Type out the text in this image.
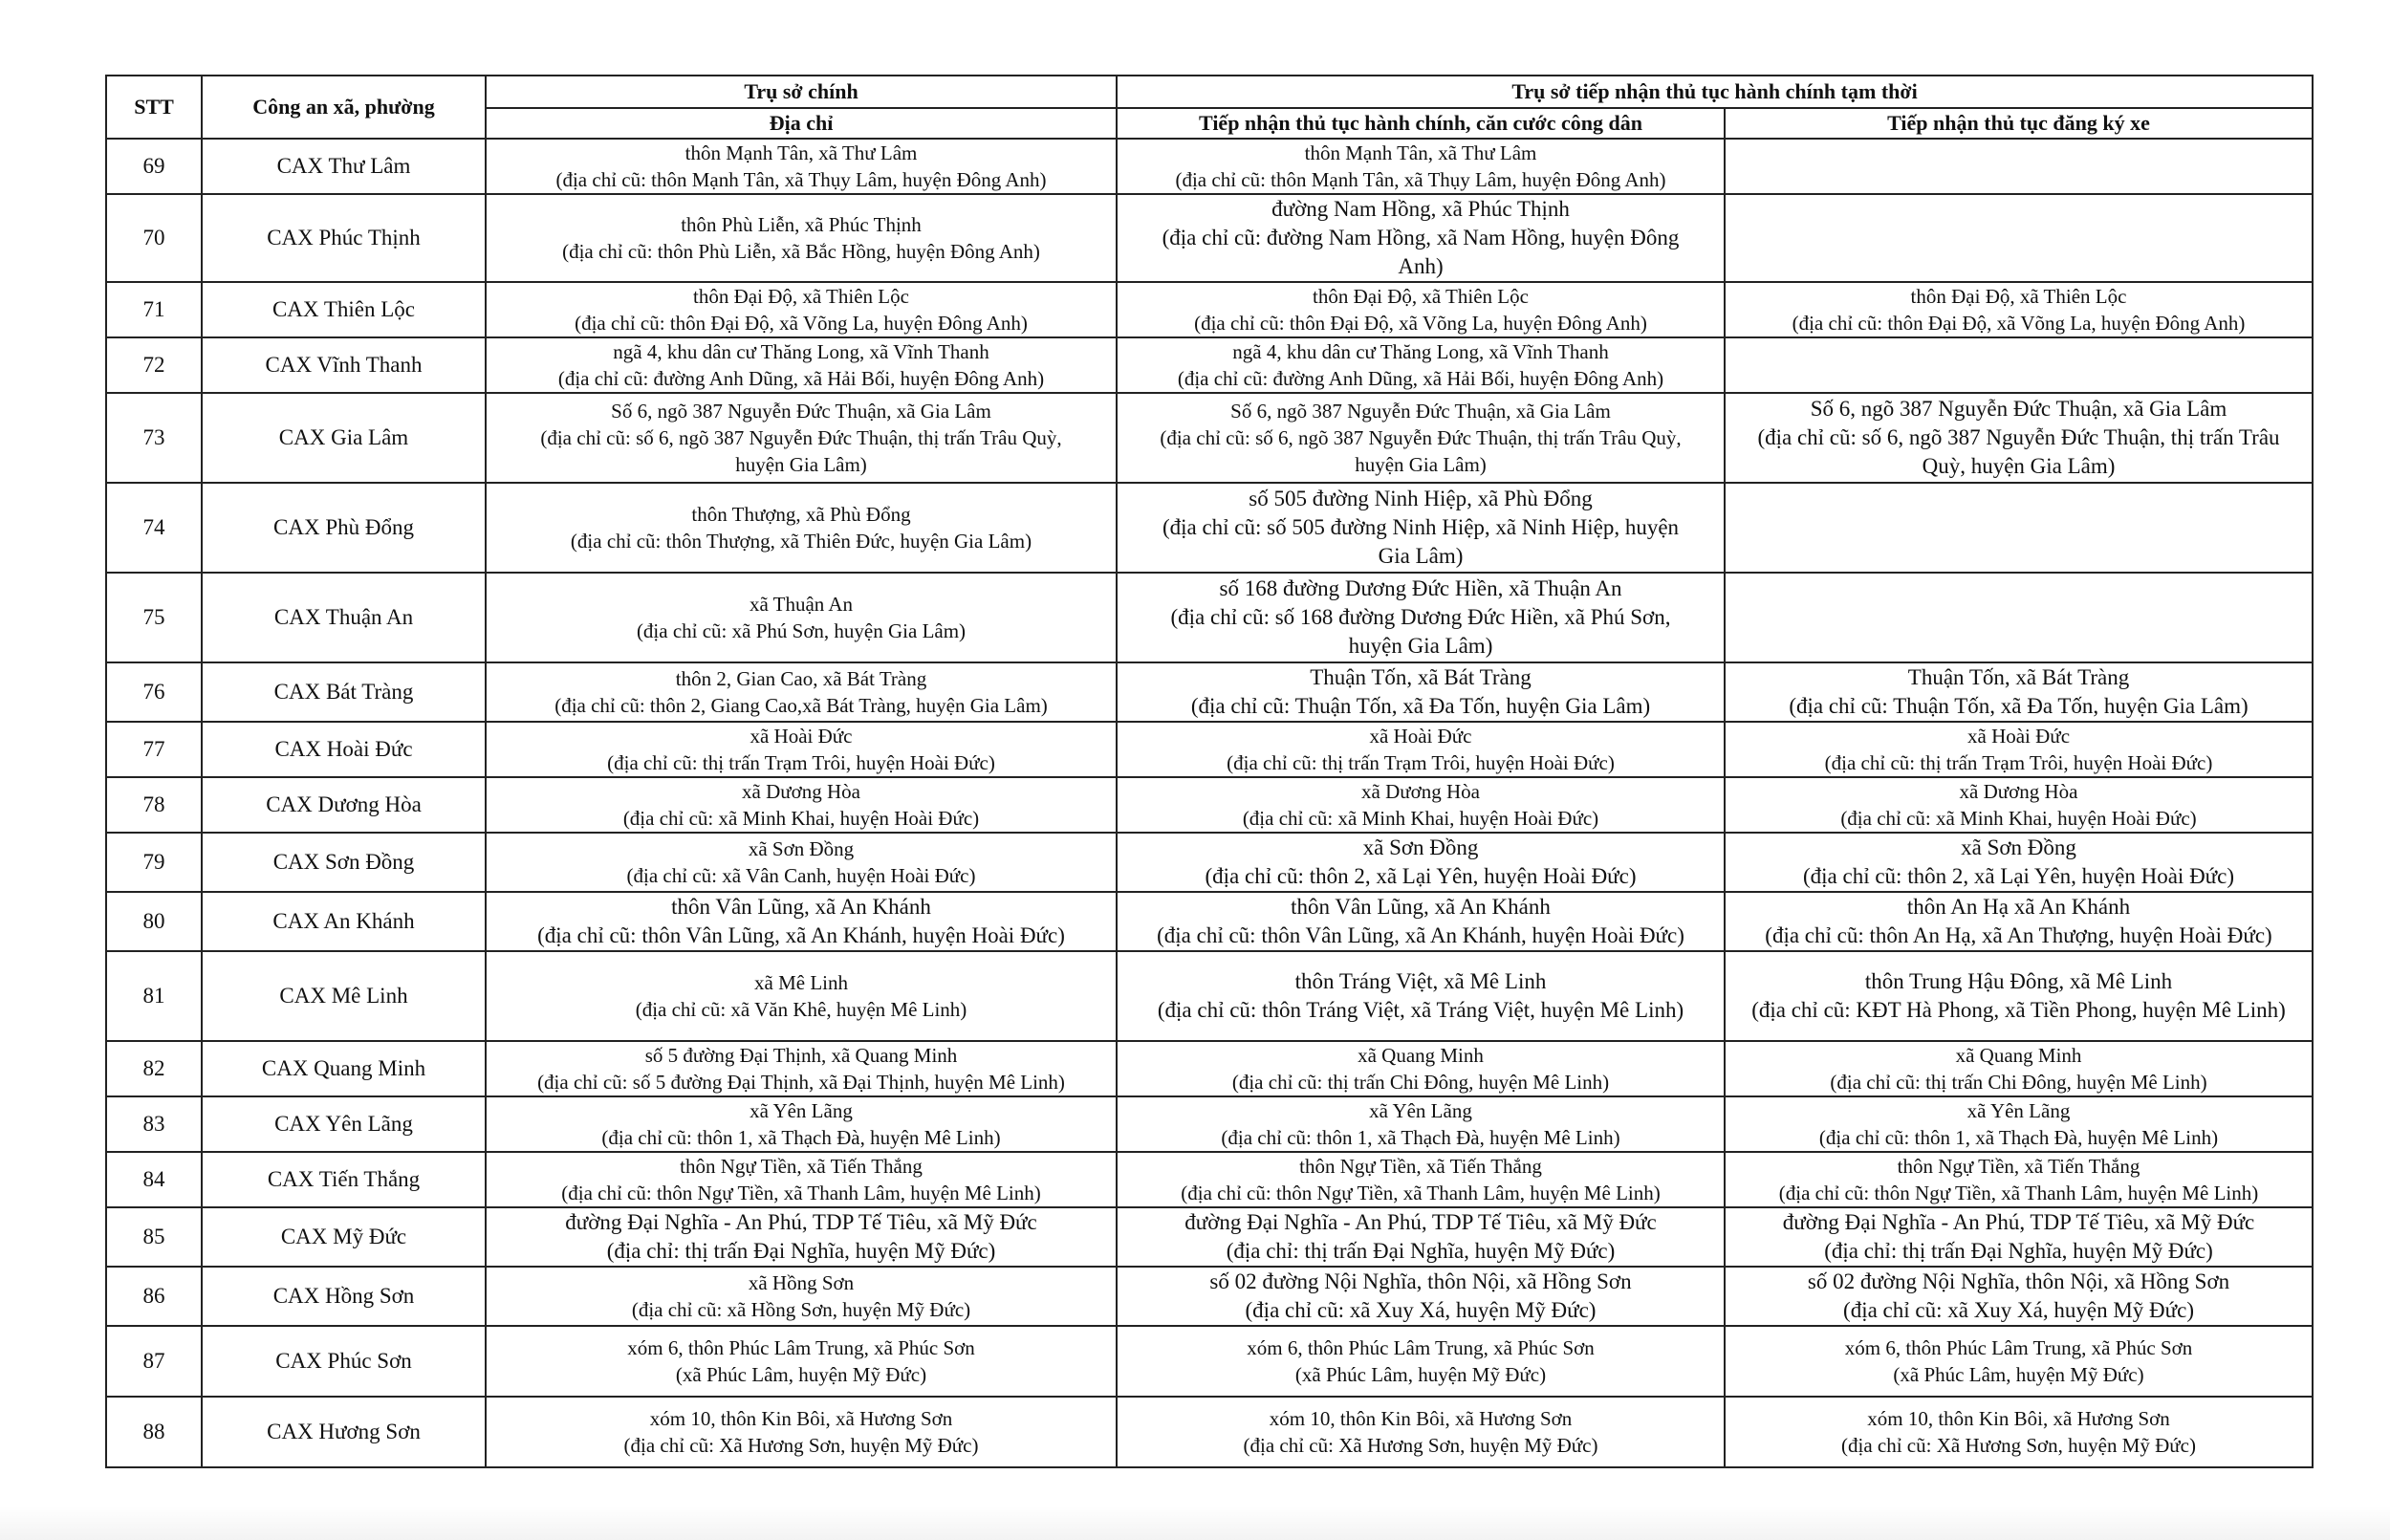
STT	Công an xã, phường	Trụ sở chính	Trụ sở tiếp nhận thủ tục hành chính tạm thời	
		Địa chỉ	Tiếp nhận thủ tục hành chính, căn cước công dân	Tiếp nhận thủ tục đăng ký xe
69	CAX Thư Lâm	thôn Mạnh Tân, xã Thư Lâm
(địa chỉ cũ: thôn Mạnh Tân, xã Thụy Lâm, huyện Đông Anh)	thôn Mạnh Tân, xã Thư Lâm
(địa chỉ cũ: thôn Mạnh Tân, xã Thụy Lâm, huyện Đông Anh)	

70	CAX Phúc Thịnh	thôn Phù Liễn, xã Phúc Thịnh
(địa chỉ cũ: thôn Phù Liễn, xã Bắc Hồng, huyện Đông Anh)	đường Nam Hồng, xã Phúc Thịnh
(địa chỉ cũ: đường Nam Hồng, xã Nam Hồng, huyện Đông
Anh)	

71	CAX Thiên Lộc	thôn Đại Độ, xã Thiên Lộc
(địa chỉ cũ: thôn Đại Độ, xã Võng La, huyện Đông Anh)	thôn Đại Độ, xã Thiên Lộc
(địa chỉ cũ: thôn Đại Độ, xã Võng La, huyện Đông Anh)	thôn Đại Độ, xã Thiên Lộc
(địa chỉ cũ: thôn Đại Độ, xã Võng La, huyện Đông Anh)

72	CAX Vĩnh Thanh	ngã 4, khu dân cư Thăng Long, xã Vĩnh Thanh
(địa chỉ cũ: đường Anh Dũng, xã Hải Bối, huyện Đông Anh)	ngã 4, khu dân cư Thăng Long, xã Vĩnh Thanh
(địa chỉ cũ: đường Anh Dũng, xã Hải Bối, huyện Đông Anh)	

73	CAX Gia Lâm	Số 6, ngõ 387 Nguyễn Đức Thuận, xã Gia Lâm
(địa chỉ cũ: số 6, ngõ 387 Nguyễn Đức Thuận, thị trấn Trâu Quỳ,
huyện Gia Lâm)	Số 6, ngõ 387 Nguyễn Đức Thuận, xã Gia Lâm
(địa chỉ cũ: số 6, ngõ 387 Nguyễn Đức Thuận, thị trấn Trâu Quỳ,
huyện Gia Lâm)	Số 6, ngõ 387 Nguyễn Đức Thuận, xã Gia Lâm
(địa chỉ cũ: số 6, ngõ 387 Nguyễn Đức Thuận, thị trấn Trâu
Quỳ, huyện Gia Lâm)

74	CAX Phù Đổng	thôn Thượng, xã Phù Đổng
(địa chỉ cũ: thôn Thượng, xã Thiên Đức, huyện Gia Lâm)	số 505 đường Ninh Hiệp, xã Phù Đổng
(địa chỉ cũ: số 505 đường Ninh Hiệp, xã Ninh Hiệp, huyện
Gia Lâm)	

75	CAX Thuận An	xã Thuận An
(địa chỉ cũ: xã Phú Sơn, huyện Gia Lâm)	số 168 đường Dương Đức Hiền, xã Thuận An
(địa chỉ cũ: số 168 đường Dương Đức Hiền, xã Phú Sơn,
huyện Gia Lâm)	

76	CAX Bát Tràng	thôn 2, Gian Cao, xã Bát Tràng
(địa chỉ cũ: thôn 2, Giang Cao,xã Bát Tràng, huyện Gia Lâm)	Thuận Tốn, xã Bát Tràng
(địa chỉ cũ: Thuận Tốn, xã Đa Tốn, huyện Gia Lâm)	Thuận Tốn, xã Bát Tràng
(địa chỉ cũ: Thuận Tốn, xã Đa Tốn, huyện Gia Lâm)

77	CAX Hoài Đức	xã Hoài Đức
(địa chỉ cũ: thị trấn Trạm Trôi, huyện Hoài Đức)	xã Hoài Đức
(địa chỉ cũ: thị trấn Trạm Trôi, huyện Hoài Đức)	xã Hoài Đức
(địa chỉ cũ: thị trấn Trạm Trôi, huyện Hoài Đức)

78	CAX Dương Hòa	xã Dương Hòa
(địa chỉ cũ: xã Minh Khai, huyện Hoài Đức)	xã Dương Hòa
(địa chỉ cũ: xã Minh Khai, huyện Hoài Đức)	xã Dương Hòa
(địa chỉ cũ: xã Minh Khai, huyện Hoài Đức)

79	CAX Sơn Đồng	xã Sơn Đồng
(địa chỉ cũ: xã Vân Canh, huyện Hoài Đức)	xã Sơn Đồng
(địa chỉ cũ: thôn 2, xã Lại Yên, huyện Hoài Đức)	xã Sơn Đồng
(địa chỉ cũ: thôn 2, xã Lại Yên, huyện Hoài Đức)

80	CAX An Khánh	thôn Vân Lũng, xã An Khánh
(địa chỉ cũ: thôn Vân Lũng, xã An Khánh, huyện Hoài Đức)	thôn Vân Lũng, xã An Khánh
(địa chỉ cũ: thôn Vân Lũng, xã An Khánh, huyện Hoài Đức)	thôn An Hạ xã An Khánh
(địa chỉ cũ: thôn An Hạ, xã An Thượng, huyện Hoài Đức)

81	CAX Mê Linh	xã Mê Linh
(địa chỉ cũ: xã Văn Khê, huyện Mê Linh)	thôn Tráng Việt, xã Mê Linh
(địa chỉ cũ: thôn Tráng Việt, xã Tráng Việt, huyện Mê Linh)	thôn Trung Hậu Đông, xã Mê Linh
(địa chỉ cũ: KĐT Hà Phong, xã Tiền Phong, huyện Mê Linh)

82	CAX Quang Minh	số 5 đường Đại Thịnh, xã Quang Minh
(địa chỉ cũ: số 5 đường Đại Thịnh, xã Đại Thịnh, huyện Mê Linh)	xã Quang Minh
(địa chỉ cũ: thị trấn Chi Đông, huyện Mê Linh)	xã Quang Minh
(địa chỉ cũ: thị trấn Chi Đông, huyện Mê Linh)

83	CAX Yên Lãng	xã Yên Lãng
(địa chỉ cũ: thôn 1, xã Thạch Đà, huyện Mê Linh)	xã Yên Lãng
(địa chỉ cũ: thôn 1, xã Thạch Đà, huyện Mê Linh)	xã Yên Lãng
(địa chỉ cũ: thôn 1, xã Thạch Đà, huyện Mê Linh)

84	CAX Tiến Thắng	thôn Ngự Tiền, xã Tiến Thắng
(địa chỉ cũ: thôn Ngự Tiền, xã Thanh Lâm, huyện Mê Linh)	thôn Ngự Tiền, xã Tiến Thắng
(địa chỉ cũ: thôn Ngự Tiền, xã Thanh Lâm, huyện Mê Linh)	thôn Ngự Tiền, xã Tiến Thắng
(địa chỉ cũ: thôn Ngự Tiền, xã Thanh Lâm, huyện Mê Linh)

85	CAX Mỹ Đức	đường Đại Nghĩa - An Phú, TDP Tế Tiêu, xã Mỹ Đức
(địa chỉ: thị trấn Đại Nghĩa, huyện Mỹ Đức)	đường Đại Nghĩa - An Phú, TDP Tế Tiêu, xã Mỹ Đức
(địa chỉ: thị trấn Đại Nghĩa, huyện Mỹ Đức)	đường Đại Nghĩa - An Phú, TDP Tế Tiêu, xã Mỹ Đức
(địa chỉ: thị trấn Đại Nghĩa, huyện Mỹ Đức)

86	CAX Hồng Sơn	xã Hồng Sơn
(địa chỉ cũ: xã Hồng Sơn, huyện Mỹ Đức)	số 02 đường Nội Nghĩa, thôn Nội, xã Hồng Sơn
(địa chỉ cũ: xã Xuy Xá, huyện Mỹ Đức)	số 02 đường Nội Nghĩa, thôn Nội, xã Hồng Sơn
(địa chỉ cũ: xã Xuy Xá, huyện Mỹ Đức)

87	CAX Phúc Sơn	xóm 6, thôn Phúc Lâm Trung, xã Phúc Sơn
(xã Phúc Lâm, huyện Mỹ Đức)	xóm 6, thôn Phúc Lâm Trung, xã Phúc Sơn
(xã Phúc Lâm, huyện Mỹ Đức)	xóm 6, thôn Phúc Lâm Trung, xã Phúc Sơn
(xã Phúc Lâm, huyện Mỹ Đức)

88	CAX Hương Sơn	xóm 10, thôn Kin Bôi, xã Hương Sơn
(địa chỉ cũ: Xã Hương Sơn, huyện Mỹ Đức)	xóm 10, thôn Kin Bôi, xã Hương Sơn
(địa chỉ cũ: Xã Hương Sơn, huyện Mỹ Đức)	xóm 10, thôn Kin Bôi, xã Hương Sơn
(địa chỉ cũ: Xã Hương Sơn, huyện Mỹ Đức)
